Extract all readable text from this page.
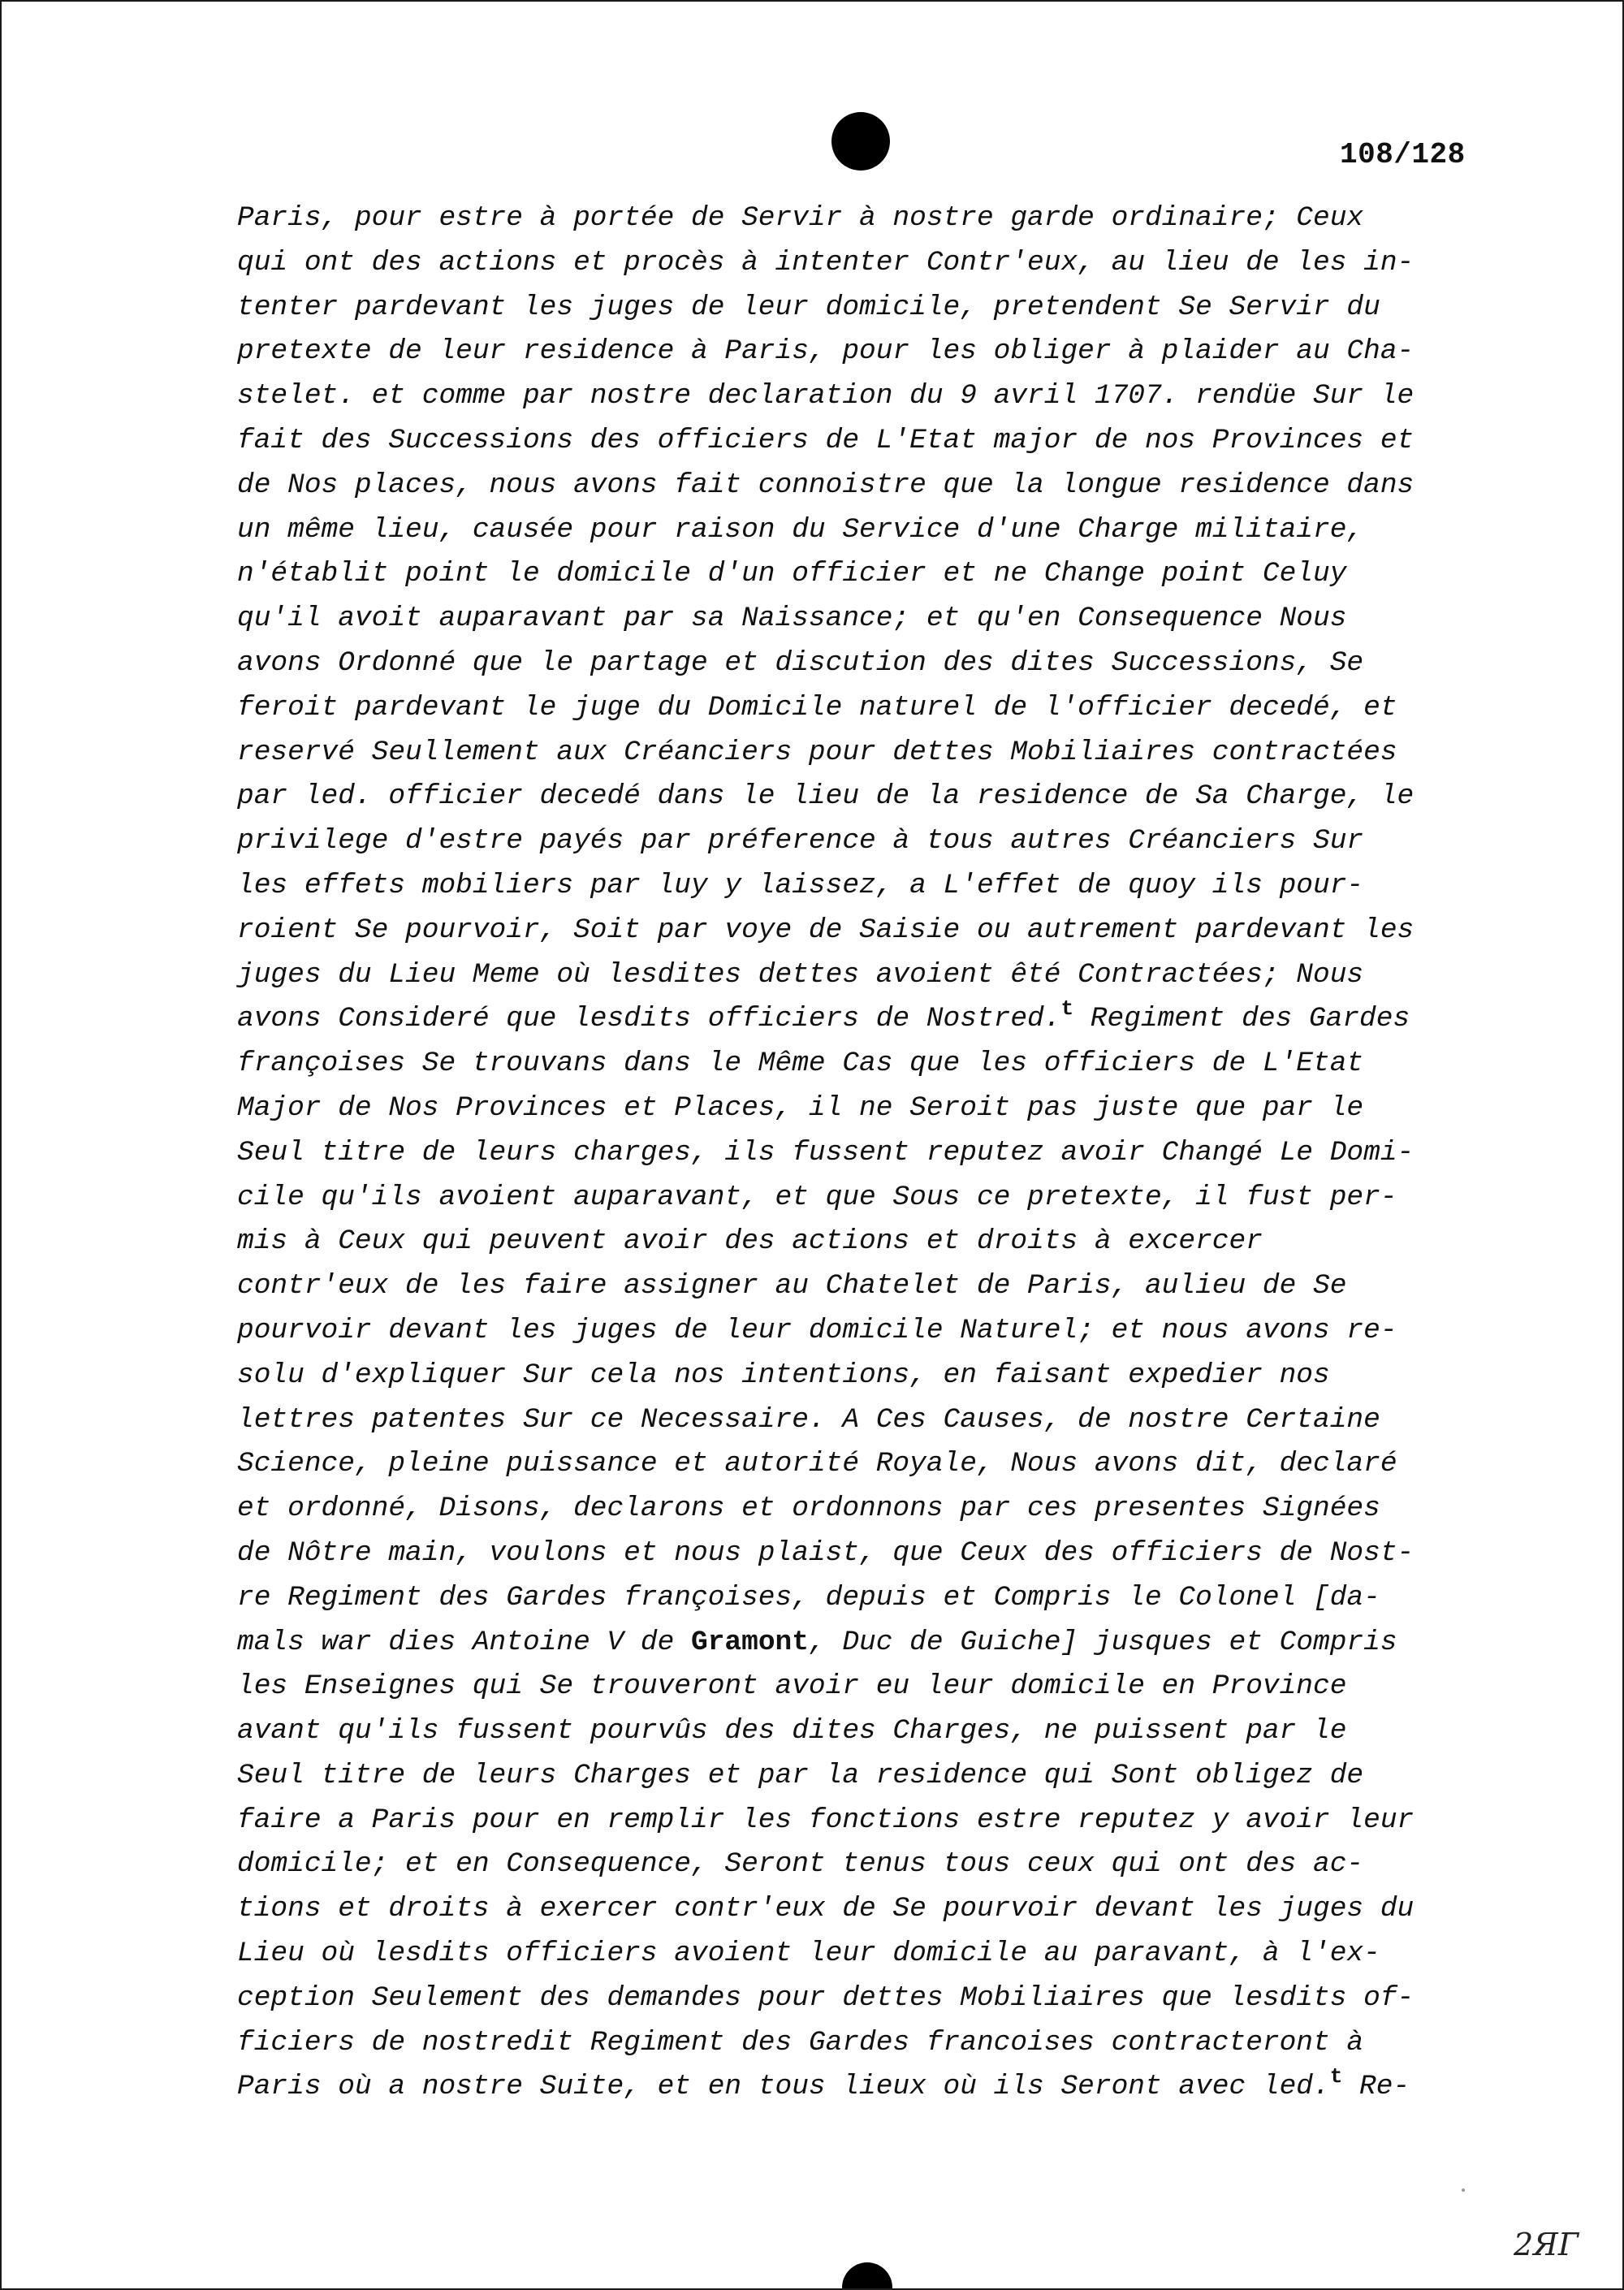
108/128
Paris, pour estre à portée de Servir à nostre garde ordinaire; Ceux
qui ont des actions et procès à intenter Contr'eux, au lieu de les in-
tenter pardevant les juges de leur domicile, pretendent Se Servir du
pretexte de leur residence à Paris, pour les obliger à plaider au Cha-
stelet. et comme par nostre declaration du 9 avril 1707. rendüe Sur le
fait des Successions des officiers de L'Etat major de nos Provinces et
de Nos places, nous avons fait connoistre que la longue residence dans
un même lieu, causée pour raison du Service d'une Charge militaire,
n'établit point le domicile d'un officier et ne Change point Celuy
qu'il avoit auparavant par sa Naissance; et qu'en Consequence Nous
avons Ordonné que le partage et discution des dites Successions, Se
feroit pardevant le juge du Domicile naturel de l'officier decedé, et
reservé Seullement aux Créanciers pour dettes Mobiliaires contractées
par led. officier decedé dans le lieu de la residence de Sa Charge, le
privilege d'estre payés par préference à tous autres Créanciers Sur
les effets mobiliers par luy y laissez, a L'effet de quoy ils pour-
roient Se pourvoir, Soit par voye de Saisie ou autrement pardevant les
juges du Lieu Meme où lesdites dettes avoient êté Contractées; Nous
avons Consideré que lesdits officiers de Nostred.$^t$ Regiment des Gardes
françoises Se trouvans dans le Même Cas que les officiers de L'Etat
Major de Nos Provinces et Places, il ne Seroit pas juste que par le
Seul titre de leurs charges, ils fussent reputez avoir Changé Le Domi-
cile qu'ils avoient auparavant, et que Sous ce pretexte, il fust per-
mis à Ceux qui peuvent avoir des actions et droits à excercer
contr'eux de les faire assigner au Chatelet de Paris, aulieu de Se
pourvoir devant les juges de leur domicile Naturel; et nous avons re-
solu d'expliquer Sur cela nos intentions, en faisant expedier nos
lettres patentes Sur ce Necessaire. A Ces Causes, de nostre Certaine
Science, pleine puissance et autorité Royale, Nous avons dit, declaré
et ordonné, Disons, declarons et ordonnons par ces presentes Signées
de Nôtre main, voulons et nous plaist, que Ceux des officiers de Nost-
re Regiment des Gardes françoises, depuis et Compris le Colonel [da-
mals war dies Antoine V de Gramont, Duc de Guiche] jusques et Compris
les Enseignes qui Se trouveront avoir eu leur domicile en Province
avant qu'ils fussent pourvûs des dites Charges, ne puissent par le
Seul titre de leurs Charges et par la residence qui Sont obligez de
faire a Paris pour en remplir les fonctions estre reputez y avoir leur
domicile; et en Consequence, Seront tenus tous ceux qui ont des ac-
tions et droits à exercer contr'eux de Se pourvoir devant les juges du
Lieu où lesdits officiers avoient leur domicile au paravant, à l'ex-
ception Seulement des demandes pour dettes Mobiliaires que lesdits of-
ficiers de nostredit Regiment des Gardes francoises contracteront à
Paris où a nostre Suite, et en tous lieux où ils Seront avec led.$^t$ Re-
2ЯГ
